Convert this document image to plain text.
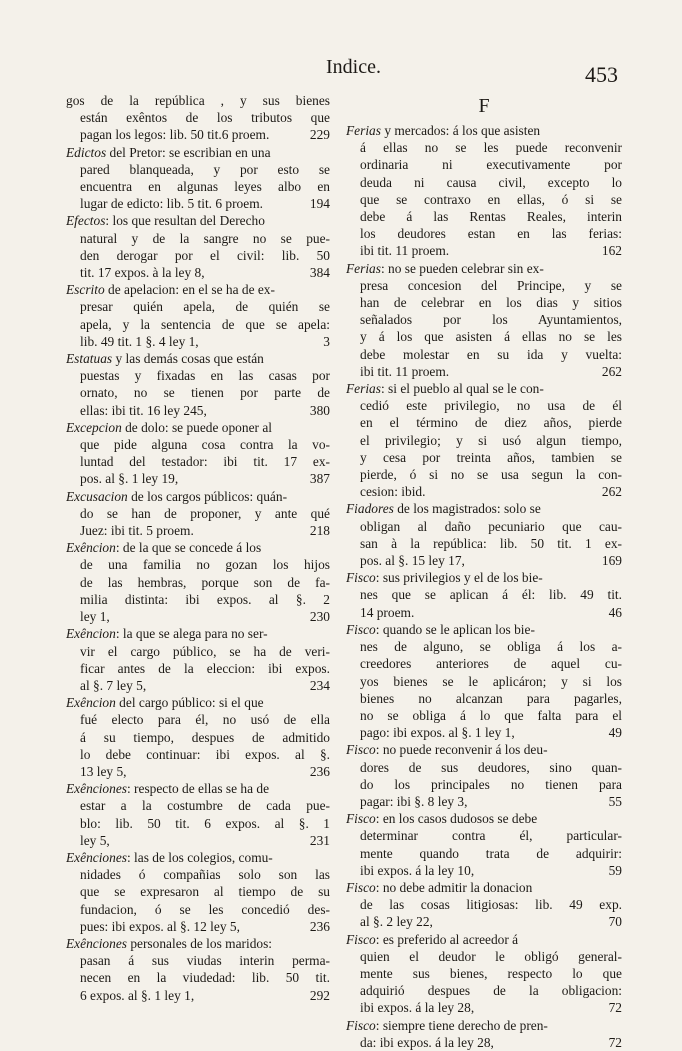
Indice.	453
gos de la república , y sus bienes
están exêntos de los tributos que
pagan los legos: lib. 50 tit.6 proem.	229
Edictos del Pretor: se escribian en una
pared blanqueada, y por esto se
encuentra en algunas leyes albo en
lugar de edicto: lib. 5 tit. 6 proem.	194
Efectos: los que resultan del Derecho
natural y de la sangre no se pue-
den derogar por el civil: lib. 50
tit. 17 expos. à la ley 8,	384
Escrito de apelacion: en el se ha de ex-
presar quién apela, de quién se
apela, y la sentencia de que se apela:
lib. 49 tit. 1 §. 4 ley 1,	3
Estatuas y las demás cosas que están
puestas y fixadas en las casas por
ornato, no se tienen por parte de
ellas: ibi tit. 16 ley 245,	380
Excepcion de dolo: se puede oponer al
que pide alguna cosa contra la vo-
luntad del testador: ibi tit. 17 ex-
pos. al §. 1 ley 19,	387
Excusacion de los cargos públicos: quán-
do se han de proponer, y ante qué
Juez: ibi tit. 5 proem.	218
Exêncion: de la que se concede á los
de una familia no gozan los hijos
de las hembras, porque son de fa-
milia distinta: ibi expos. al §. 2
ley 1,	230
Exêncion: la que se alega para no ser-
vir el cargo público, se ha de veri-
ficar antes de la eleccion: ibi expos.
al §. 7 ley 5,	234
Exêncion del cargo público: si el que
fué electo para él, no usó de ella
á su tiempo, despues de admitido
lo debe continuar: ibi expos. al §.
13 ley 5,	236
Exênciones: respecto de ellas se ha de
estar a la costumbre de cada pue-
blo: lib. 50 tit. 6 expos. al §. 1
ley 5,	231
Exênciones: las de los colegios, comu-
nidades ó compañias solo son las
que se expresaron al tiempo de su
fundacion, ó se les concedió des-
pues: ibi expos. al §. 12 ley 5,	236
Exênciones personales de los maridos:
pasan á sus viudas interin perma-
necen en la viudedad: lib. 50 tit.
6 expos. al §. 1 ley 1,	292
F
Ferias y mercados: á los que asisten
á ellas no se les puede reconvenir
ordinaria ni executivamente por
deuda ni causa civil, excepto lo
que se contraxo en ellas, ó si se
debe á las Rentas Reales, interin
los deudores estan en las ferias:
ibi tit. 11 proem.	162
Ferias: no se pueden celebrar sin ex-
presa concesion del Principe, y se
han de celebrar en los dias y sitios
señalados por los Ayuntamientos,
y á los que asisten á ellas no se les
debe molestar en su ida y vuelta:
ibi tit. 11 proem.	262
Ferias: si el pueblo al qual se le con-
cedió este privilegio, no usa de él
en el término de diez años, pierde
el privilegio; y si usó algun tiempo,
y cesa por treinta años, tambien se
pierde, ó si no se usa segun la con-
cesion: ibid.	262
Fiadores de los magistrados: solo se
obligan al daño pecuniario que cau-
san à la república: lib. 50 tit. 1 ex-
pos. al §. 15 ley 17,	169
Fisco: sus privilegios y el de los bie-
nes que se aplican á él: lib. 49 tit.
14 proem.	46
Fisco: quando se le aplican los bie-
nes de alguno, se obliga á los a-
creedores anteriores de aquel cu-
yos bienes se le aplicáron; y si los
bienes no alcanzan para pagarles,
no se obliga á lo que falta para el
pago: ibi expos. al §. 1 ley 1,	49
Fisco: no puede reconvenir á los deu-
dores de sus deudores, sino quan-
do los principales no tienen para
pagar: ibi §. 8 ley 3,	55
Fisco: en los casos dudosos se debe
determinar contra él, particular-
mente quando trata de adquirir:
ibi expos. á la ley 10,	59
Fisco: no debe admitir la donacion
de las cosas litigiosas: lib. 49 exp.
al §. 2 ley 22,	70
Fisco: es preferido al acreedor á
quien el deudor le obligó general-
mente sus bienes, respecto lo que
adquirió despues de la obligacion:
ibi expos. á la ley 28,	72
Fisco: siempre tiene derecho de pren-
da: ibi expos. á la ley 28,	72
